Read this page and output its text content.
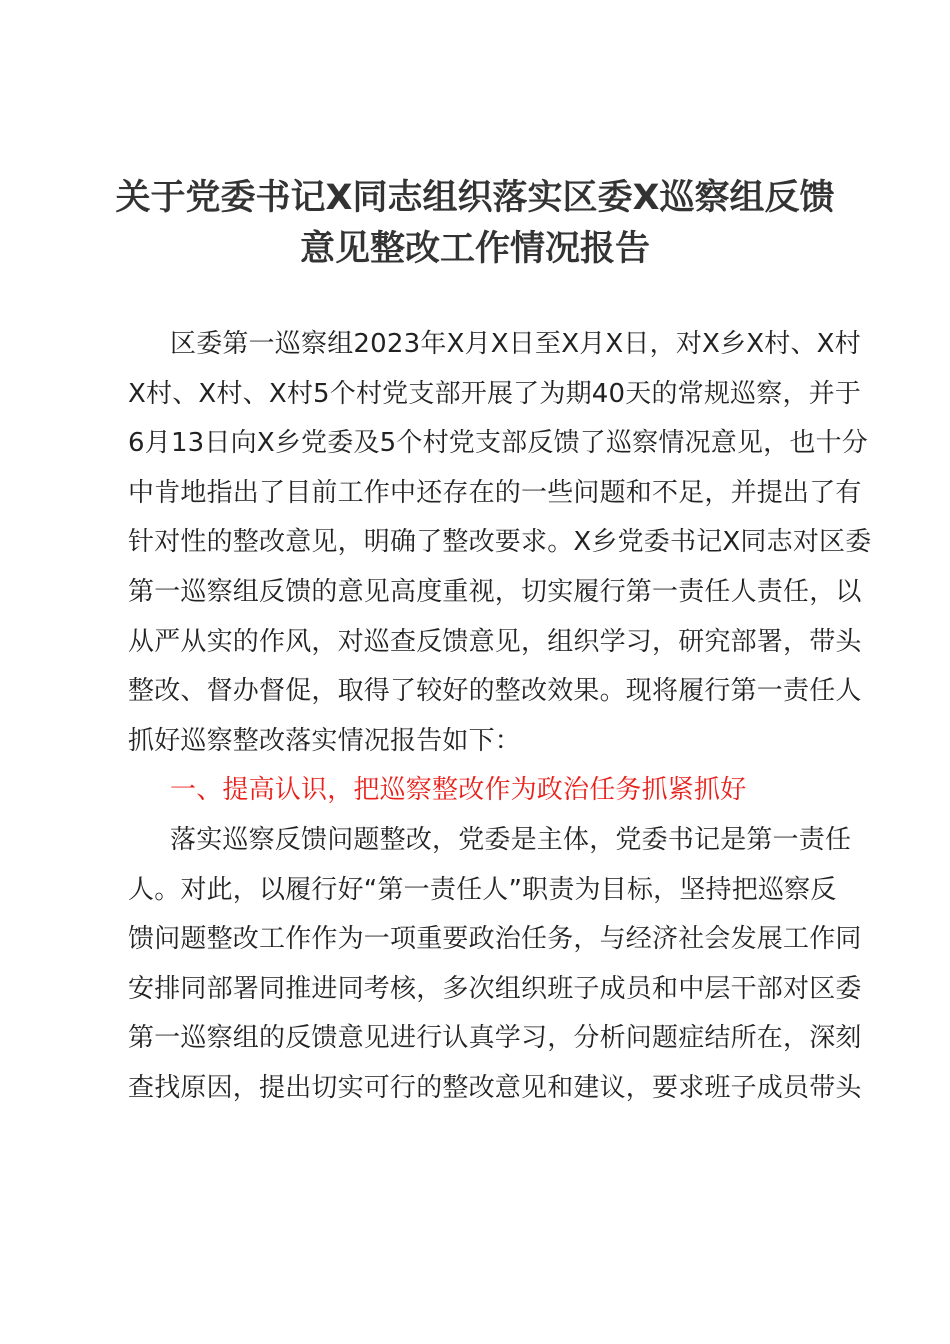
关于党委书记X同志组织落实区委X巡察组反馈
意见整改工作情况报告
区委第一巡察组2023年X月X日至X月X日，对X乡X村、X村
X村、X村、X村5个村党支部开展了为期40天的常规巡察，并于
6月13日向X乡党委及5个村党支部反馈了巡察情况意见，也十分
中肯地指出了目前工作中还存在的一些问题和不足，并提出了有
针对性的整改意见，明确了整改要求。X乡党委书记X同志对区委
第一巡察组反馈的意见高度重视，切实履行第一责任人责任，以
从严从实的作风，对巡查反馈意见，组织学习，研究部署，带头
整改、督办督促，取得了较好的整改效果。现将履行第一责任人
抓好巡察整改落实情况报告如下：
一、提高认识，把巡察整改作为政治任务抓紧抓好
落实巡察反馈问题整改，党委是主体，党委书记是第一责任
人。对此，以履行好“第一责任人”职责为目标，坚持把巡察反
馈问题整改工作作为一项重要政治任务，与经济社会发展工作同
安排同部署同推进同考核，多次组织班子成员和中层干部对区委
第一巡察组的反馈意见进行认真学习，分析问题症结所在，深刻
查找原因，提出切实可行的整改意见和建议，要求班子成员带头
